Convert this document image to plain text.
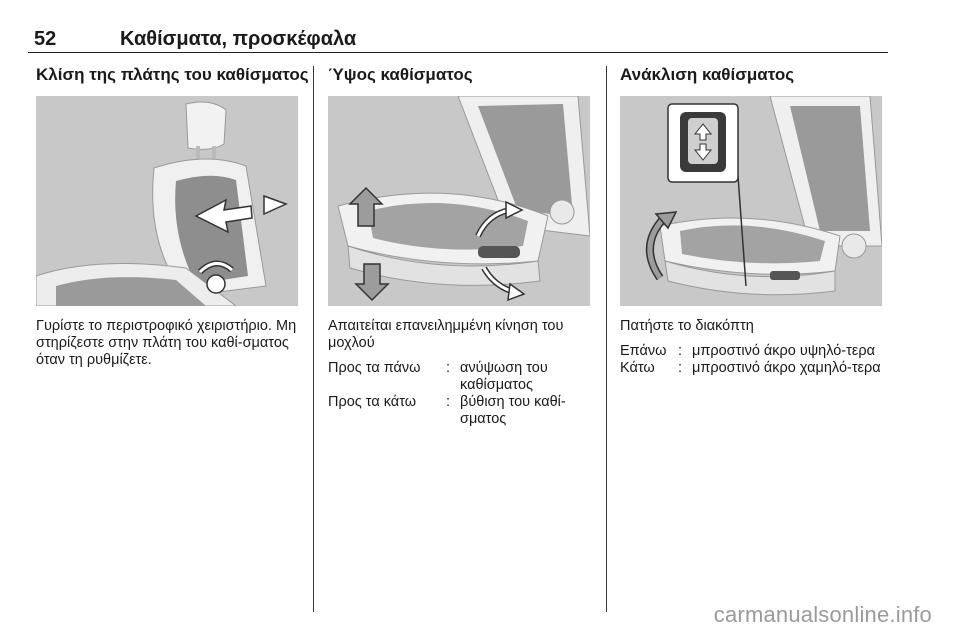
52	Καθίσματα, προσκέφαλα
Κλίση της πλάτης του καθίσματος

Γυρίστε το περιστροφικό χειριστήριο. Μη στηρίζεστε στην πλάτη του καθί-σματος όταν τη ρυθμίζετε.

Ύψος καθίσματος

Απαιτείται επανειλημμένη κίνηση του μοχλού

Προς τα πάνω	: ανύψωση του καθίσματος
Προς τα κάτω	: βύθιση του καθί-σματος
Ανάκλιση καθίσματος

Πατήστε το διακόπτη

Επάνω : μπροστινό άκρο υψηλό-τερα
Κάτω	: μπροστινό άκρο χαμηλό-τερα
carmanualsonline.info
